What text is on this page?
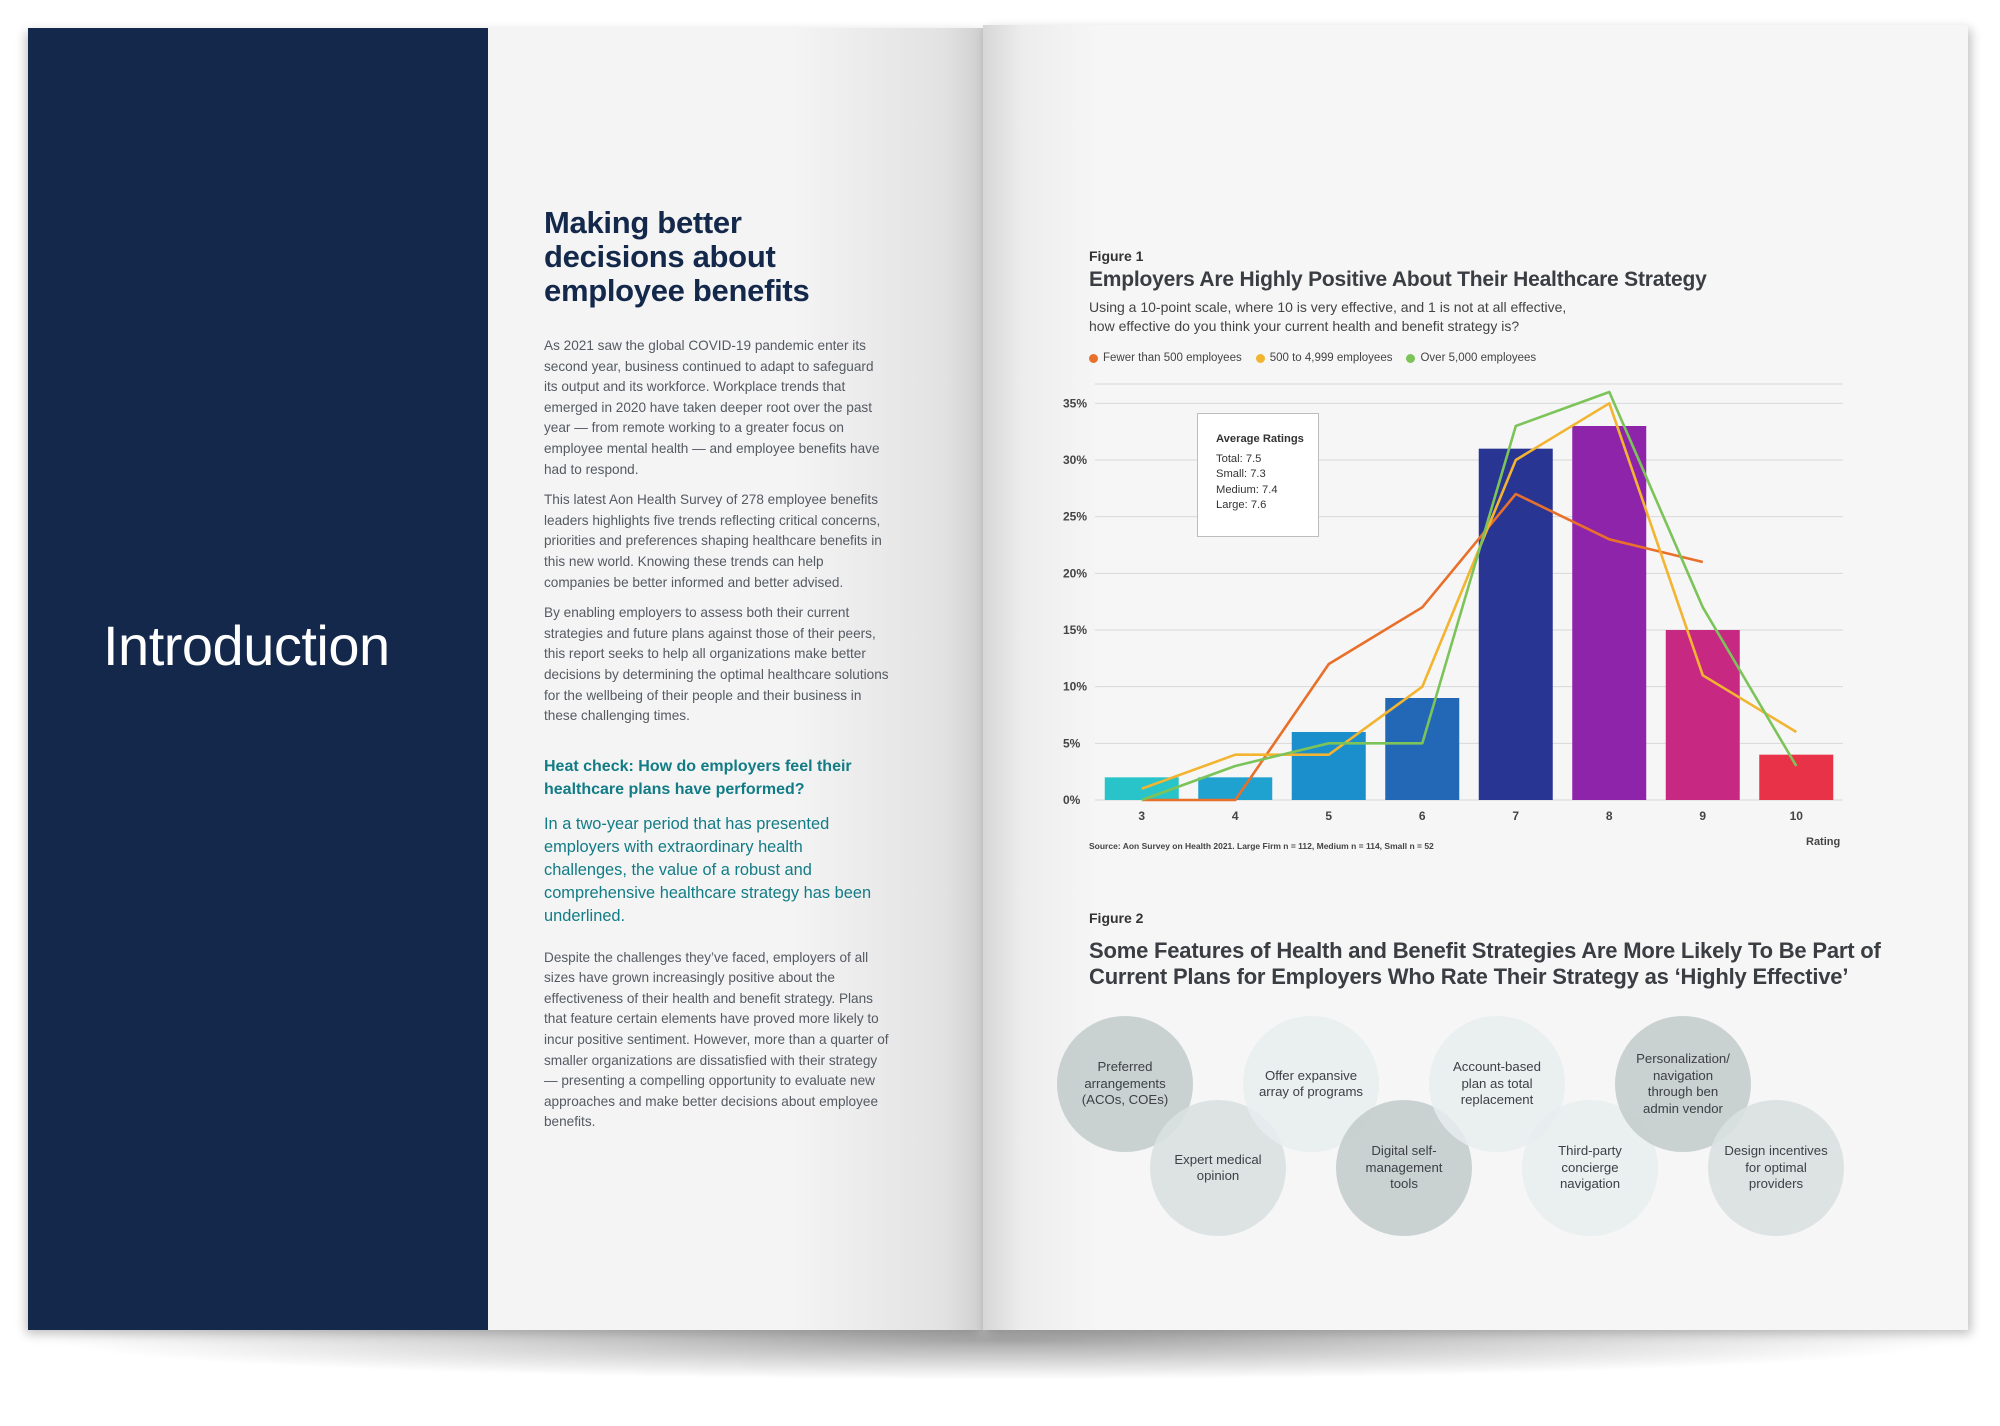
Introduction
Making better decisions about employee benefits

As 2021 saw the global COVID-19 pandemic enter its second year, business continued to adapt to safeguard its output and its workforce. Workplace trends that emerged in 2020 have taken deeper root over the past year — from remote working to a greater focus on employee mental health — and employee benefits have had to respond.

This latest Aon Health Survey of 278 employee benefits leaders highlights five trends reflecting critical concerns, priorities and preferences shaping healthcare benefits in this new world. Knowing these trends can help companies be better informed and better advised.

By enabling employers to assess both their current strategies and future plans against those of their peers, this report seeks to help all organizations make better decisions by determining the optimal healthcare solutions for the wellbeing of their people and their business in these challenging times.

Heat check: How do employers feel their healthcare plans have performed?

In a two-year period that has presented employers with extraordinary health challenges, the value of a robust and comprehensive healthcare strategy has been underlined.

Despite the challenges they’ve faced, employers of all sizes have grown increasingly positive about the effectiveness of their health and benefit strategy. Plans that feature certain elements have proved more likely to incur positive sentiment. However, more than a quarter of smaller organizations are dissatisfied with their strategy — presenting a compelling opportunity to evaluate new approaches and make better decisions about employee benefits.

Figure 1
Employers Are Highly Positive About Their Healthcare Strategy
Using a 10-point scale, where 10 is very effective, and 1 is not at all effective,
how effective do you think your current health and benefit strategy is?
Fewer than 500 employees 500 to 4,999 employees Over 5,000 employees
0%
5%
10%
15%
20%
25%
30%
35%
3	4	5	6	7	8	9	10
Average Ratings
Total: 7.5
Small: 7.3
Medium: 7.4
Large: 7.6
Source: Aon Survey on Health 2021. Large Firm n = 112, Medium n = 114, Small n = 52	Rating
Figure 2
Some Features of Health and Benefit Strategies Are More Likely To Be Part of Current Plans for Employers Who Rate Their Strategy as ‘Highly Effective’
Preferred arrangements (ACOs, COEs)
Expert medical opinion
Offer expansive array of programs
Digital self-management tools
Account-based plan as total replacement
Third-party concierge navigation
Personalization/ navigation through ben admin vendor
Design incentives for optimal providers
